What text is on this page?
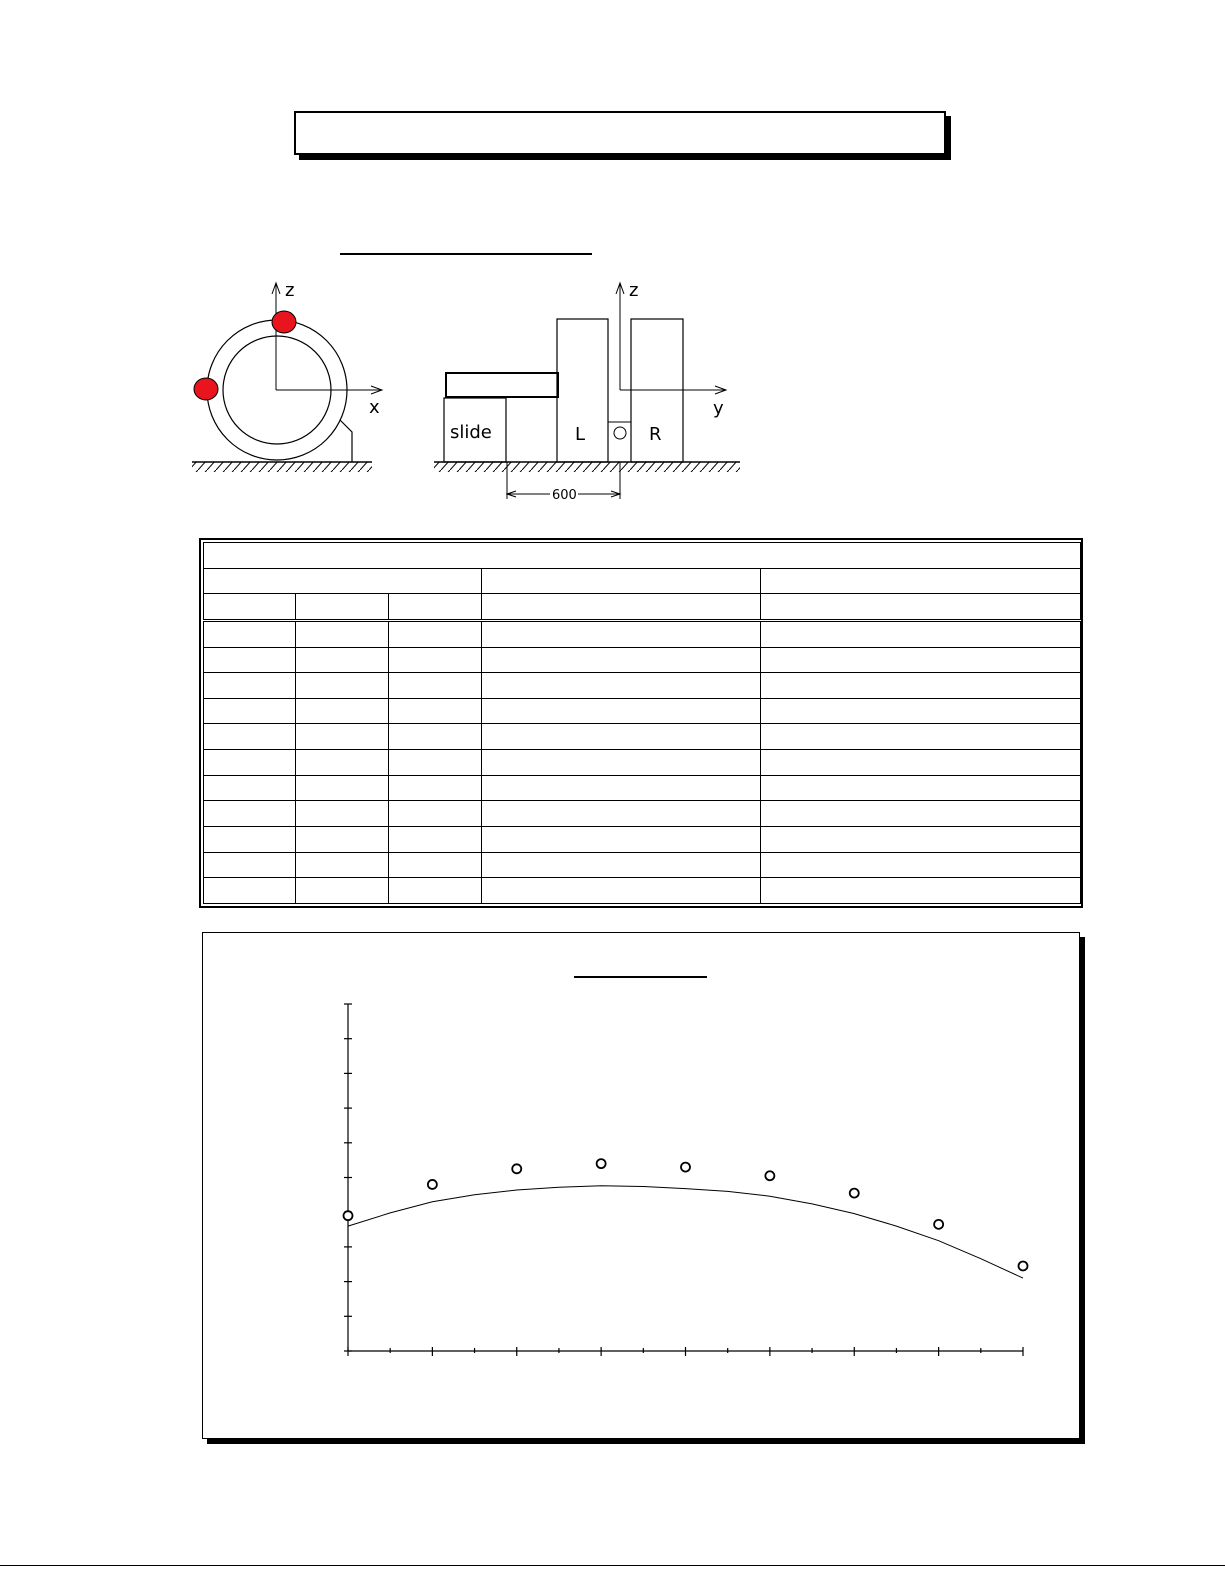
z
x
z
y
slide	L	R
600
